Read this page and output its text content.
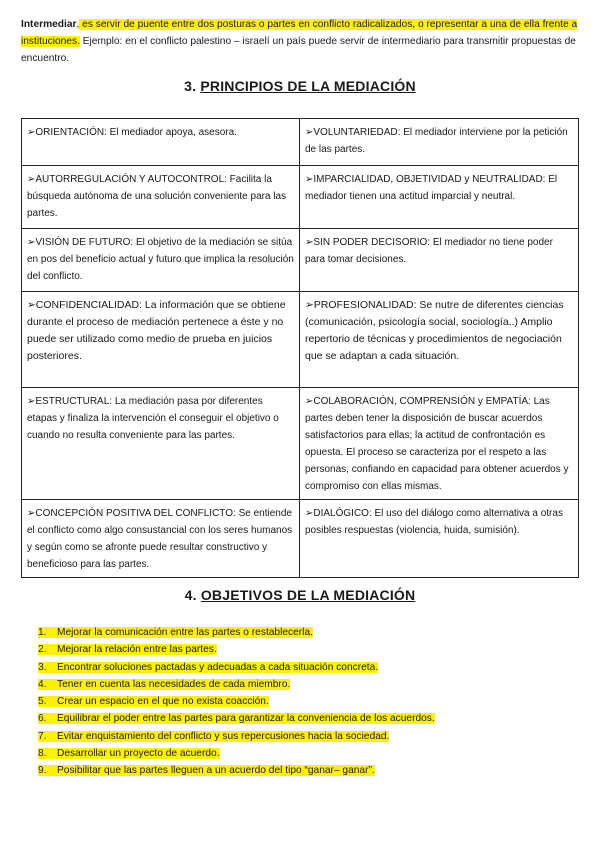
Intermediar, es servir de puente entre dos posturas o partes en conflicto radicalizados, o representar a una de ella frente a instituciones. Ejemplo: en el conflicto palestino – israelí un país puede servir de intermediario para transmitir propuestas de encuentro.

3. PRINCIPIOS DE LA MEDIACIÓN
➢ORIENTACIÓN: El mediador apoya, asesora.	➢VOLUNTARIEDAD: El mediador interviene por la petición de las partes.
➢AUTORREGULACIÓN Y AUTOCONTROL: Facilita la búsqueda autónoma de una solución conveniente para las partes.	➢IMPARCIALIDAD, OBJETIVIDAD y NEUTRALIDAD: El mediador tienen una actitud imparcial y neutral.
➢VISIÓN DE FUTURO: El objetivo de la mediación se sitúa en pos del beneficio actual y futuro que implica la resolución del conflicto.	➢SIN PODER DECISORIO: El mediador no tiene poder para tomar decisiones.
➢CONFIDENCIALIDAD: La información que se obtiene durante el proceso de mediación pertenece a éste y no puede ser utilizado como medio de prueba en juicios posteriores.	➢PROFESIONALIDAD: Se nutre de diferentes ciencias (comunicación, psicología social, sociología..) Amplio repertorio de técnicas y procedimientos de negociación que se adaptan a cada situación.
➢ESTRUCTURAL: La mediación pasa por diferentes etapas y finaliza la intervención el conseguir el objetivo o cuando no resulta conveniente para las partes.	➢COLABORACIÓN, COMPRENSIÓN y EMPATÍA: Las partes deben tener la disposición de buscar acuerdos satisfactorios para ellas; la actitud de confrontación es opuesta. El proceso se caracteriza por el respeto a las personas, confiando en capacidad para obtener acuerdos y compromiso con ellas mismas.
➢CONCEPCIÓN POSITIVA DEL CONFLICTO: Se entiende el conflicto como algo consustancial con los seres humanos y según como se afronte puede resultar constructivo y beneficioso para las partes.	➢DIALÓGICO: El uso del diálogo como alternativa a otras posibles respuestas (violencia, huida, sumisión).
4. OBJETIVOS DE LA MEDIACIÓN
1. Mejorar la comunicación entre las partes o restablecerla.
2. Mejorar la relación entre las partes.
3. Encontrar soluciones pactadas y adecuadas a cada situación concreta.
4. Tener en cuenta las necesidades de cada miembro.
5. Crear un espacio en el que no exista coacción.
6. Equilibrar el poder entre las partes para garantizar la conveniencia de los acuerdos.
7. Evitar enquistamiento del conflicto y sus repercusiones hacia la sociedad.
8. Desarrollar un proyecto de acuerdo.
9. Posibilitar que las partes lleguen a un acuerdo del tipo “ganar– ganar”.
